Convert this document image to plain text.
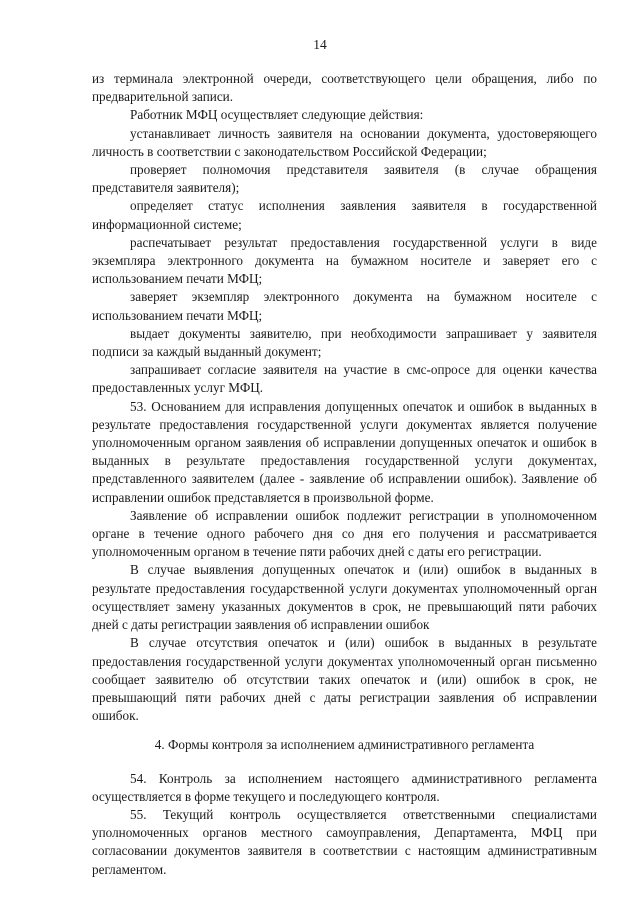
14

из терминала электронной очереди, соответствующего цели обращения, либо по предварительной записи.

Работник МФЦ осуществляет следующие действия:

устанавливает личность заявителя на основании документа, удостоверяющего личность в соответствии с законодательством Российской Федерации;

проверяет полномочия представителя заявителя (в случае обращения представителя заявителя);

определяет статус исполнения заявления заявителя в государственной информационной системе;

распечатывает результат предоставления государственной услуги в виде экземпляра электронного документа на бумажном носителе и заверяет его с использованием печати МФЦ;

заверяет экземпляр электронного документа на бумажном носителе с использованием печати МФЦ;

выдает документы заявителю, при необходимости запрашивает у заявителя подписи за каждый выданный документ;

запрашивает согласие заявителя на участие в смс-опросе для оценки качества предоставленных услуг МФЦ.

53. Основанием для исправления допущенных опечаток и ошибок в выданных в результате предоставления государственной услуги документах является получение уполномоченным органом заявления об исправлении допущенных опечаток и ошибок в выданных в результате предоставления государственной услуги документах, представленного заявителем (далее - заявление об исправлении ошибок). Заявление об исправлении ошибок представляется в произвольной форме.

Заявление об исправлении ошибок подлежит регистрации в уполномоченном органе в течение одного рабочего дня со дня его получения и рассматривается уполномоченным органом в течение пяти рабочих дней с даты его регистрации.

В случае выявления допущенных опечаток и (или) ошибок в выданных в результате предоставления государственной услуги документах уполномоченный орган осуществляет замену указанных документов в срок, не превышающий пяти рабочих дней с даты регистрации заявления об исправлении ошибок

В случае отсутствия опечаток и (или) ошибок в выданных в результате предоставления государственной услуги документах уполномоченный орган письменно сообщает заявителю об отсутствии таких опечаток и (или) ошибок в срок, не превышающий пяти рабочих дней с даты регистрации заявления об исправлении ошибок.

4. Формы контроля за исполнением административного регламента

54. Контроль за исполнением настоящего административного регламента осуществляется в форме текущего и последующего контроля.

55. Текущий контроль осуществляется ответственными специалистами уполномоченных органов местного самоуправления, Департамента, МФЦ при согласовании документов заявителя в соответствии с настоящим административным регламентом.
